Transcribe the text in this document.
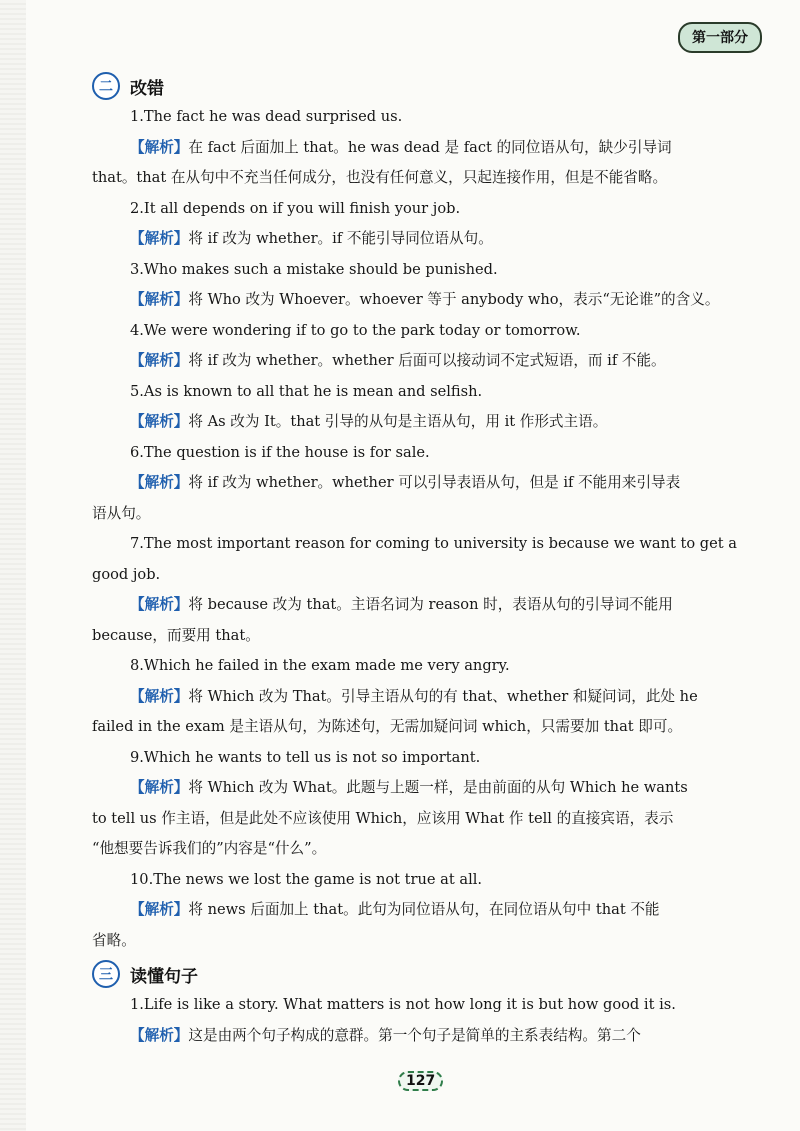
第一部分
二	改错
1.The fact he was dead surprised us.
【解析】在 fact 后面加上 that。he was dead 是 fact 的同位语从句，缺少引导词
that。that 在从句中不充当任何成分，也没有任何意义，只起连接作用，但是不能省略。
2.It all depends on if you will finish your job.
【解析】将 if 改为 whether。if 不能引导同位语从句。
3.Who makes such a mistake should be punished.
【解析】将 Who 改为 Whoever。whoever 等于 anybody who，表示“无论谁”的含义。
4.We were wondering if to go to the park today or tomorrow.
【解析】将 if 改为 whether。whether 后面可以接动词不定式短语，而 if 不能。
5.As is known to all that he is mean and selfish.
【解析】将 As 改为 It。that 引导的从句是主语从句，用 it 作形式主语。
6.The question is if the house is for sale.
【解析】将 if 改为 whether。whether 可以引导表语从句，但是 if 不能用来引导表
语从句。
7.The most important reason for coming to university is because we want to get a
good job.
【解析】将 because 改为 that。主语名词为 reason 时，表语从句的引导词不能用
because，而要用 that。
8.Which he failed in the exam made me very angry.
【解析】将 Which 改为 That。引导主语从句的有 that、whether 和疑问词，此处 he
failed in the exam 是主语从句，为陈述句，无需加疑问词 which，只需要加 that 即可。
9.Which he wants to tell us is not so important.
【解析】将 Which 改为 What。此题与上题一样，是由前面的从句 Which he wants
to tell us 作主语，但是此处不应该使用 Which，应该用 What 作 tell 的直接宾语，表示
“他想要告诉我们的”内容是“什么”。
10.The news we lost the game is not true at all.
【解析】将 news 后面加上 that。此句为同位语从句，在同位语从句中 that 不能
省略。
三	读懂句子
1.Life is like a story. What matters is not how long it is but how good it is.
【解析】这是由两个句子构成的意群。第一个句子是简单的主系表结构。第二个
127
